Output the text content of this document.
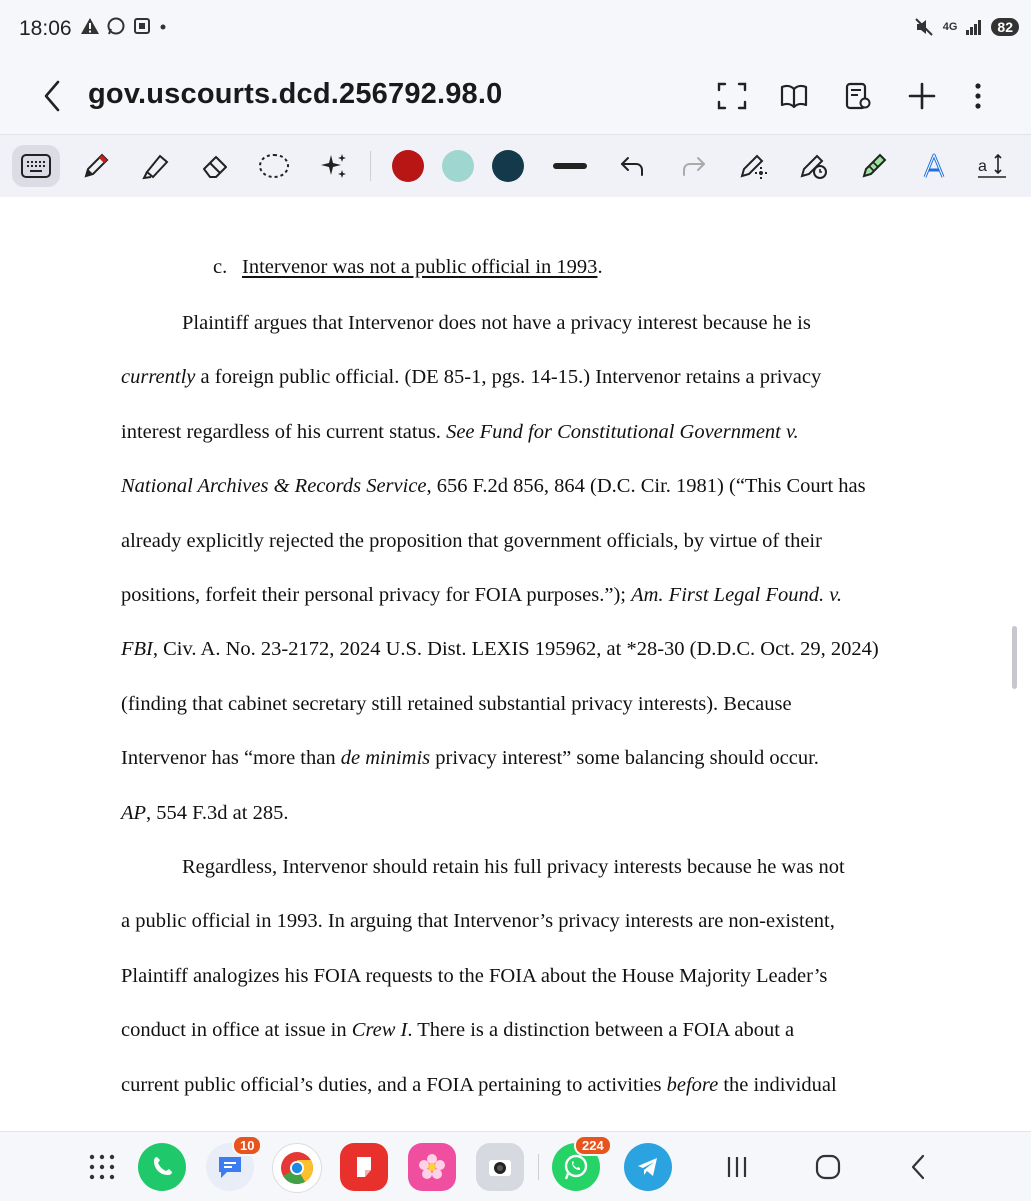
18:06	4G	82
gov.uscourts.dcd.256792.98.0
a
c. Intervenor was not a public official in 1993.
Plaintiff argues that Intervenor does not have a privacy interest because he is
currently a foreign public official. (DE 85-1, pgs. 14-15.) Intervenor retains a privacy
interest regardless of his current status. See Fund for Constitutional Government v.
National Archives & Records Service, 656 F.2d 856, 864 (D.C. Cir. 1981) (“This Court has
already explicitly rejected the proposition that government officials, by virtue of their
positions, forfeit their personal privacy for FOIA purposes.”); Am. First Legal Found. v.
FBI, Civ. A. No. 23-2172, 2024 U.S. Dist. LEXIS 195962, at *28-30 (D.D.C. Oct. 29, 2024)
(finding that cabinet secretary still retained substantial privacy interests). Because
Intervenor has “more than de minimis privacy interest” some balancing should occur.
AP, 554 F.3d at 285.
Regardless, Intervenor should retain his full privacy interests because he was not
a public official in 1993. In arguing that Intervenor’s privacy interests are non-existent,
Plaintiff analogizes his FOIA requests to the FOIA about the House Majority Leader’s
conduct in office at issue in Crew I. There is a distinction between a FOIA about a
current public official’s duties, and a FOIA pertaining to activities before the individual
10	224
